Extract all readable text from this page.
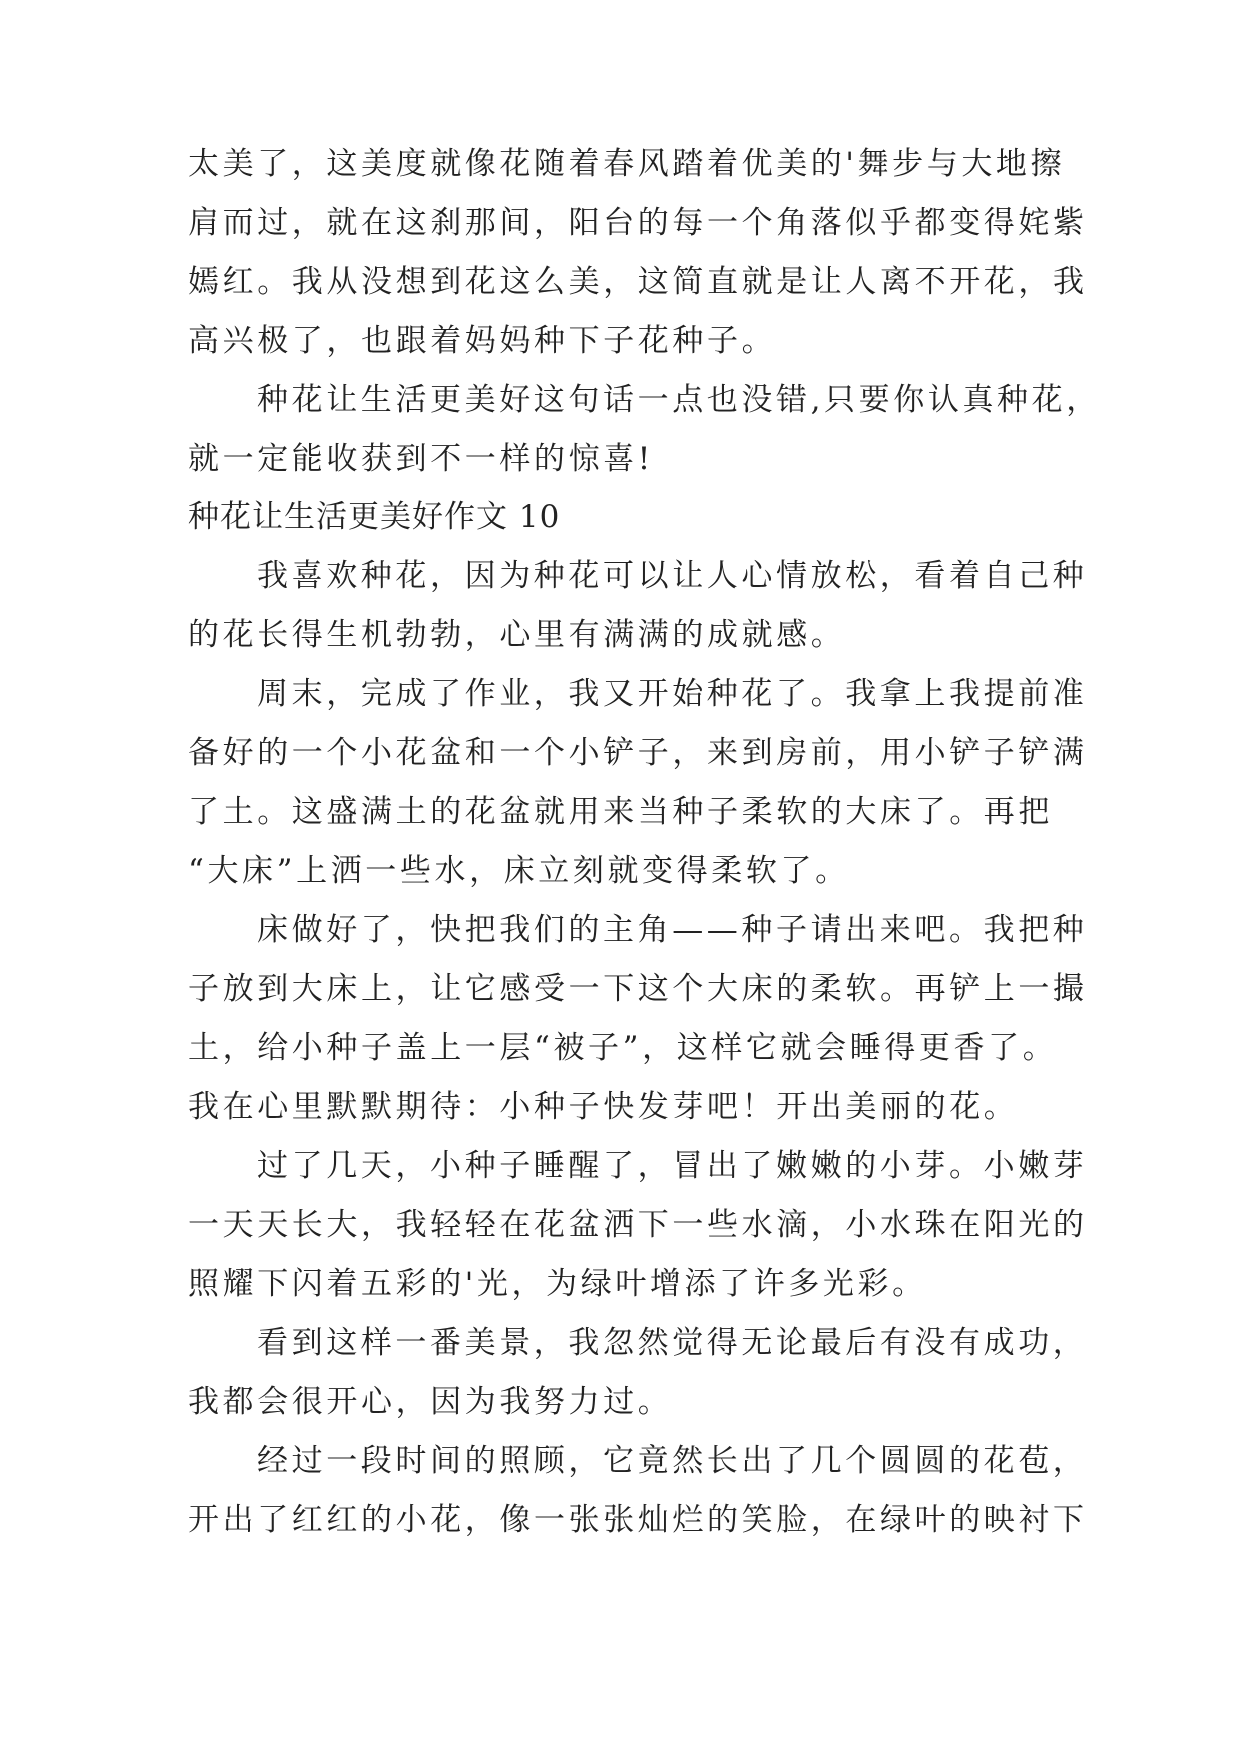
太美了，这美度就像花随着春风踏着优美的'舞步与大地擦
肩而过，就在这刹那间，阳台的每一个角落似乎都变得姹紫
嫣红。我从没想到花这么美，这简直就是让人离不开花，我
高兴极了，也跟着妈妈种下子花种子。
种花让生活更美好这句话一点也没错,只要你认真种花，
就一定能收获到不一样的惊喜!
种花让生活更美好作文 10
我喜欢种花，因为种花可以让人心情放松，看着自己种
的花长得生机勃勃，心里有满满的成就感。
周末，完成了作业，我又开始种花了。我拿上我提前准
备好的一个小花盆和一个小铲子，来到房前，用小铲子铲满
了土。这盛满土的花盆就用来当种子柔软的大床了。再把
“大床”上洒一些水，床立刻就变得柔软了。
床做好了，快把我们的主角——种子请出来吧。我把种
子放到大床上，让它感受一下这个大床的柔软。再铲上一撮
土，给小种子盖上一层“被子”，这样它就会睡得更香了。
我在心里默默期待：小种子快发芽吧！开出美丽的花。
过了几天，小种子睡醒了，冒出了嫩嫩的小芽。小嫩芽
一天天长大，我轻轻在花盆洒下一些水滴，小水珠在阳光的
照耀下闪着五彩的'光，为绿叶增添了许多光彩。
看到这样一番美景，我忽然觉得无论最后有没有成功，
我都会很开心，因为我努力过。
经过一段时间的照顾，它竟然长出了几个圆圆的花苞，
开出了红红的小花，像一张张灿烂的笑脸，在绿叶的映衬下
